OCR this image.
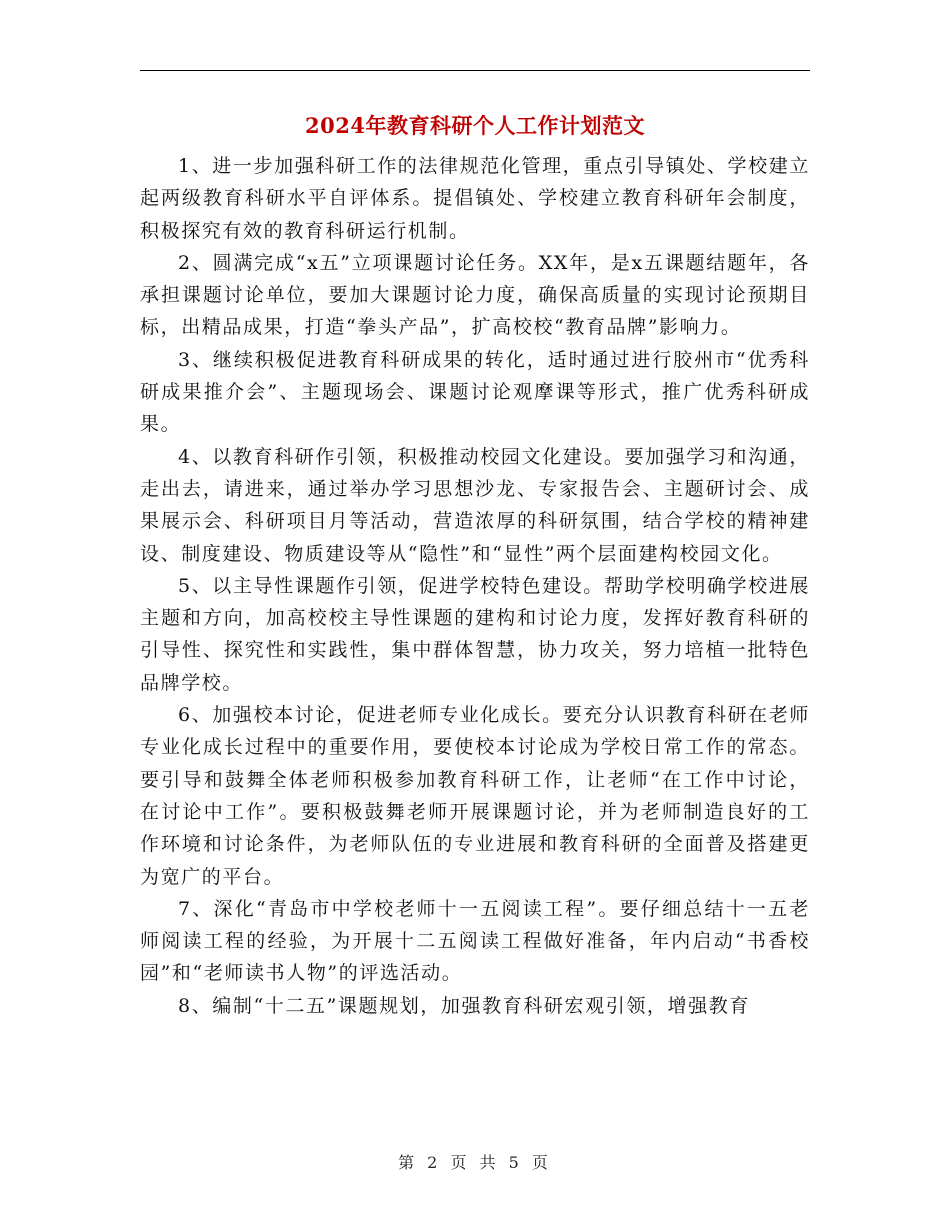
2024年教育科研个人工作计划范文

1、进一步加强科研工作的法律规范化管理，重点引导镇处、学校建立起两级教育科研水平自评体系。提倡镇处、学校建立教育科研年会制度，积极探究有效的教育科研运行机制。

2、圆满完成“x五”立项课题讨论任务。XX年，是x五课题结题年，各承担课题讨论单位，要加大课题讨论力度，确保高质量的实现讨论预期目标，出精品成果，打造“拳头产品”，扩高校校“教育品牌”影响力。

3、继续积极促进教育科研成果的转化，适时通过进行胶州市“优秀科研成果推介会”、主题现场会、课题讨论观摩课等形式，推广优秀科研成果。

4、以教育科研作引领，积极推动校园文化建设。要加强学习和沟通，走出去，请进来，通过举办学习思想沙龙、专家报告会、主题研讨会、成果展示会、科研项目月等活动，营造浓厚的科研氛围，结合学校的精神建设、制度建设、物质建设等从“隐性”和“显性”两个层面建构校园文化。

5、以主导性课题作引领，促进学校特色建设。帮助学校明确学校进展主题和方向，加高校校主导性课题的建构和讨论力度，发挥好教育科研的引导性、探究性和实践性，集中群体智慧，协力攻关，努力培植一批特色品牌学校。

6、加强校本讨论，促进老师专业化成长。要充分认识教育科研在老师专业化成长过程中的重要作用，要使校本讨论成为学校日常工作的常态。要引导和鼓舞全体老师积极参加教育科研工作，让老师“在工作中讨论，在讨论中工作”。要积极鼓舞老师开展课题讨论，并为老师制造良好的工作环境和讨论条件，为老师队伍的专业进展和教育科研的全面普及搭建更为宽广的平台。

7、深化“青岛市中学校老师十一五阅读工程”。要仔细总结十一五老师阅读工程的经验，为开展十二五阅读工程做好准备，年内启动“书香校园”和“老师读书人物”的评选活动。

8、编制“十二五”课题规划，加强教育科研宏观引领，增强教育

第 2 页 共 5 页
